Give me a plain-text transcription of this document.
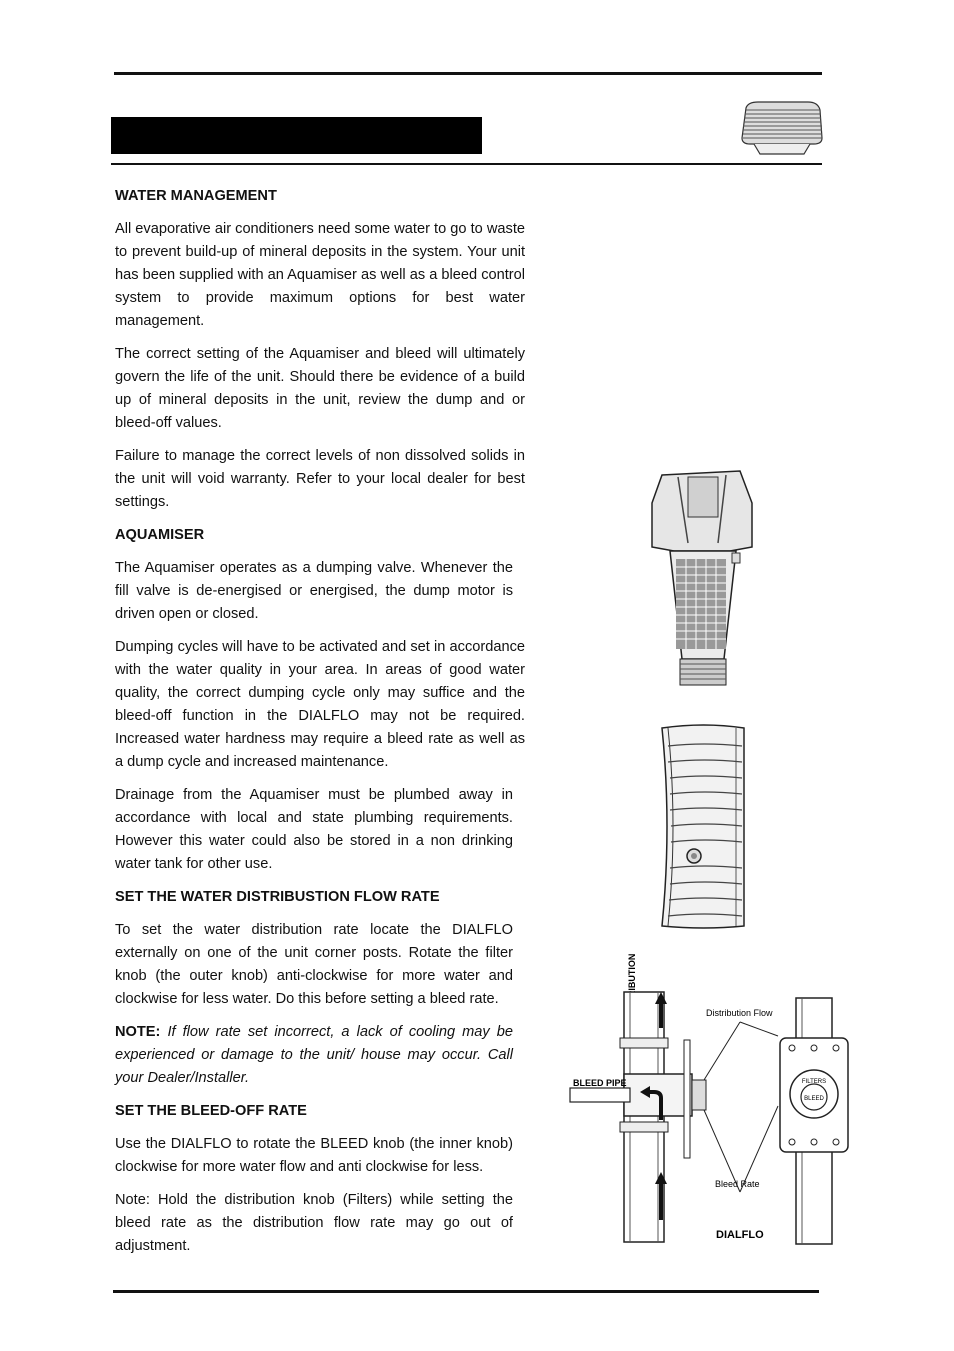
WATER MANAGEMENT

All evaporative air conditioners need some water to go to waste to prevent build-up of mineral deposits in the system. Your unit has been supplied with an Aquamiser as well as a bleed control system to provide maximum options for best water management.

The correct setting of the Aquamiser and bleed will ultimately govern the life of the unit. Should there be evidence of a build up of mineral deposits in the unit, review the dump and or bleed-off values.

Failure to manage the correct levels of non dissolved solids in the unit will void warranty. Refer to your local dealer for best settings.

AQUAMISER

The Aquamiser operates as a dumping valve. Whenever the fill valve is de-energised or energised, the dump motor is driven open or closed.

Dumping cycles will have to be activated and set in accordance with the water quality in your area. In areas of good water quality, the correct dumping cycle only may suffice and the bleed-off function in the DIALFLO may not be required. Increased water hardness may require a bleed rate as well as a dump cycle and increased maintenance.

Drainage from the Aquamiser must be plumbed away in accordance with local and state plumbing requirements. However this water could also be stored in a non drinking water tank for other use.

SET THE WATER DISTRIBUSTION FLOW RATE

To set the water distribution rate locate the DIALFLO externally on one of the unit corner posts. Rotate the filter knob (the outer knob) anti-clockwise for more water and clockwise for less water. Do this before setting a bleed rate.

NOTE: If flow rate set incorrect, a lack of cooling may be experienced or damage to the unit/ house may occur. Call your Dealer/Installer.

SET THE BLEED-OFF RATE

Use the DIALFLO to rotate the BLEED knob (the inner knob) clockwise for more water flow and anti clockwise for less.

Note: Hold the distribution knob (Filters) while setting the bleed rate as the distribution flow rate may go out of adjustment.

BLEED PIPE
Distribution Flow
FILTERS
BLEED
Bleed Rate
DIALFLO
